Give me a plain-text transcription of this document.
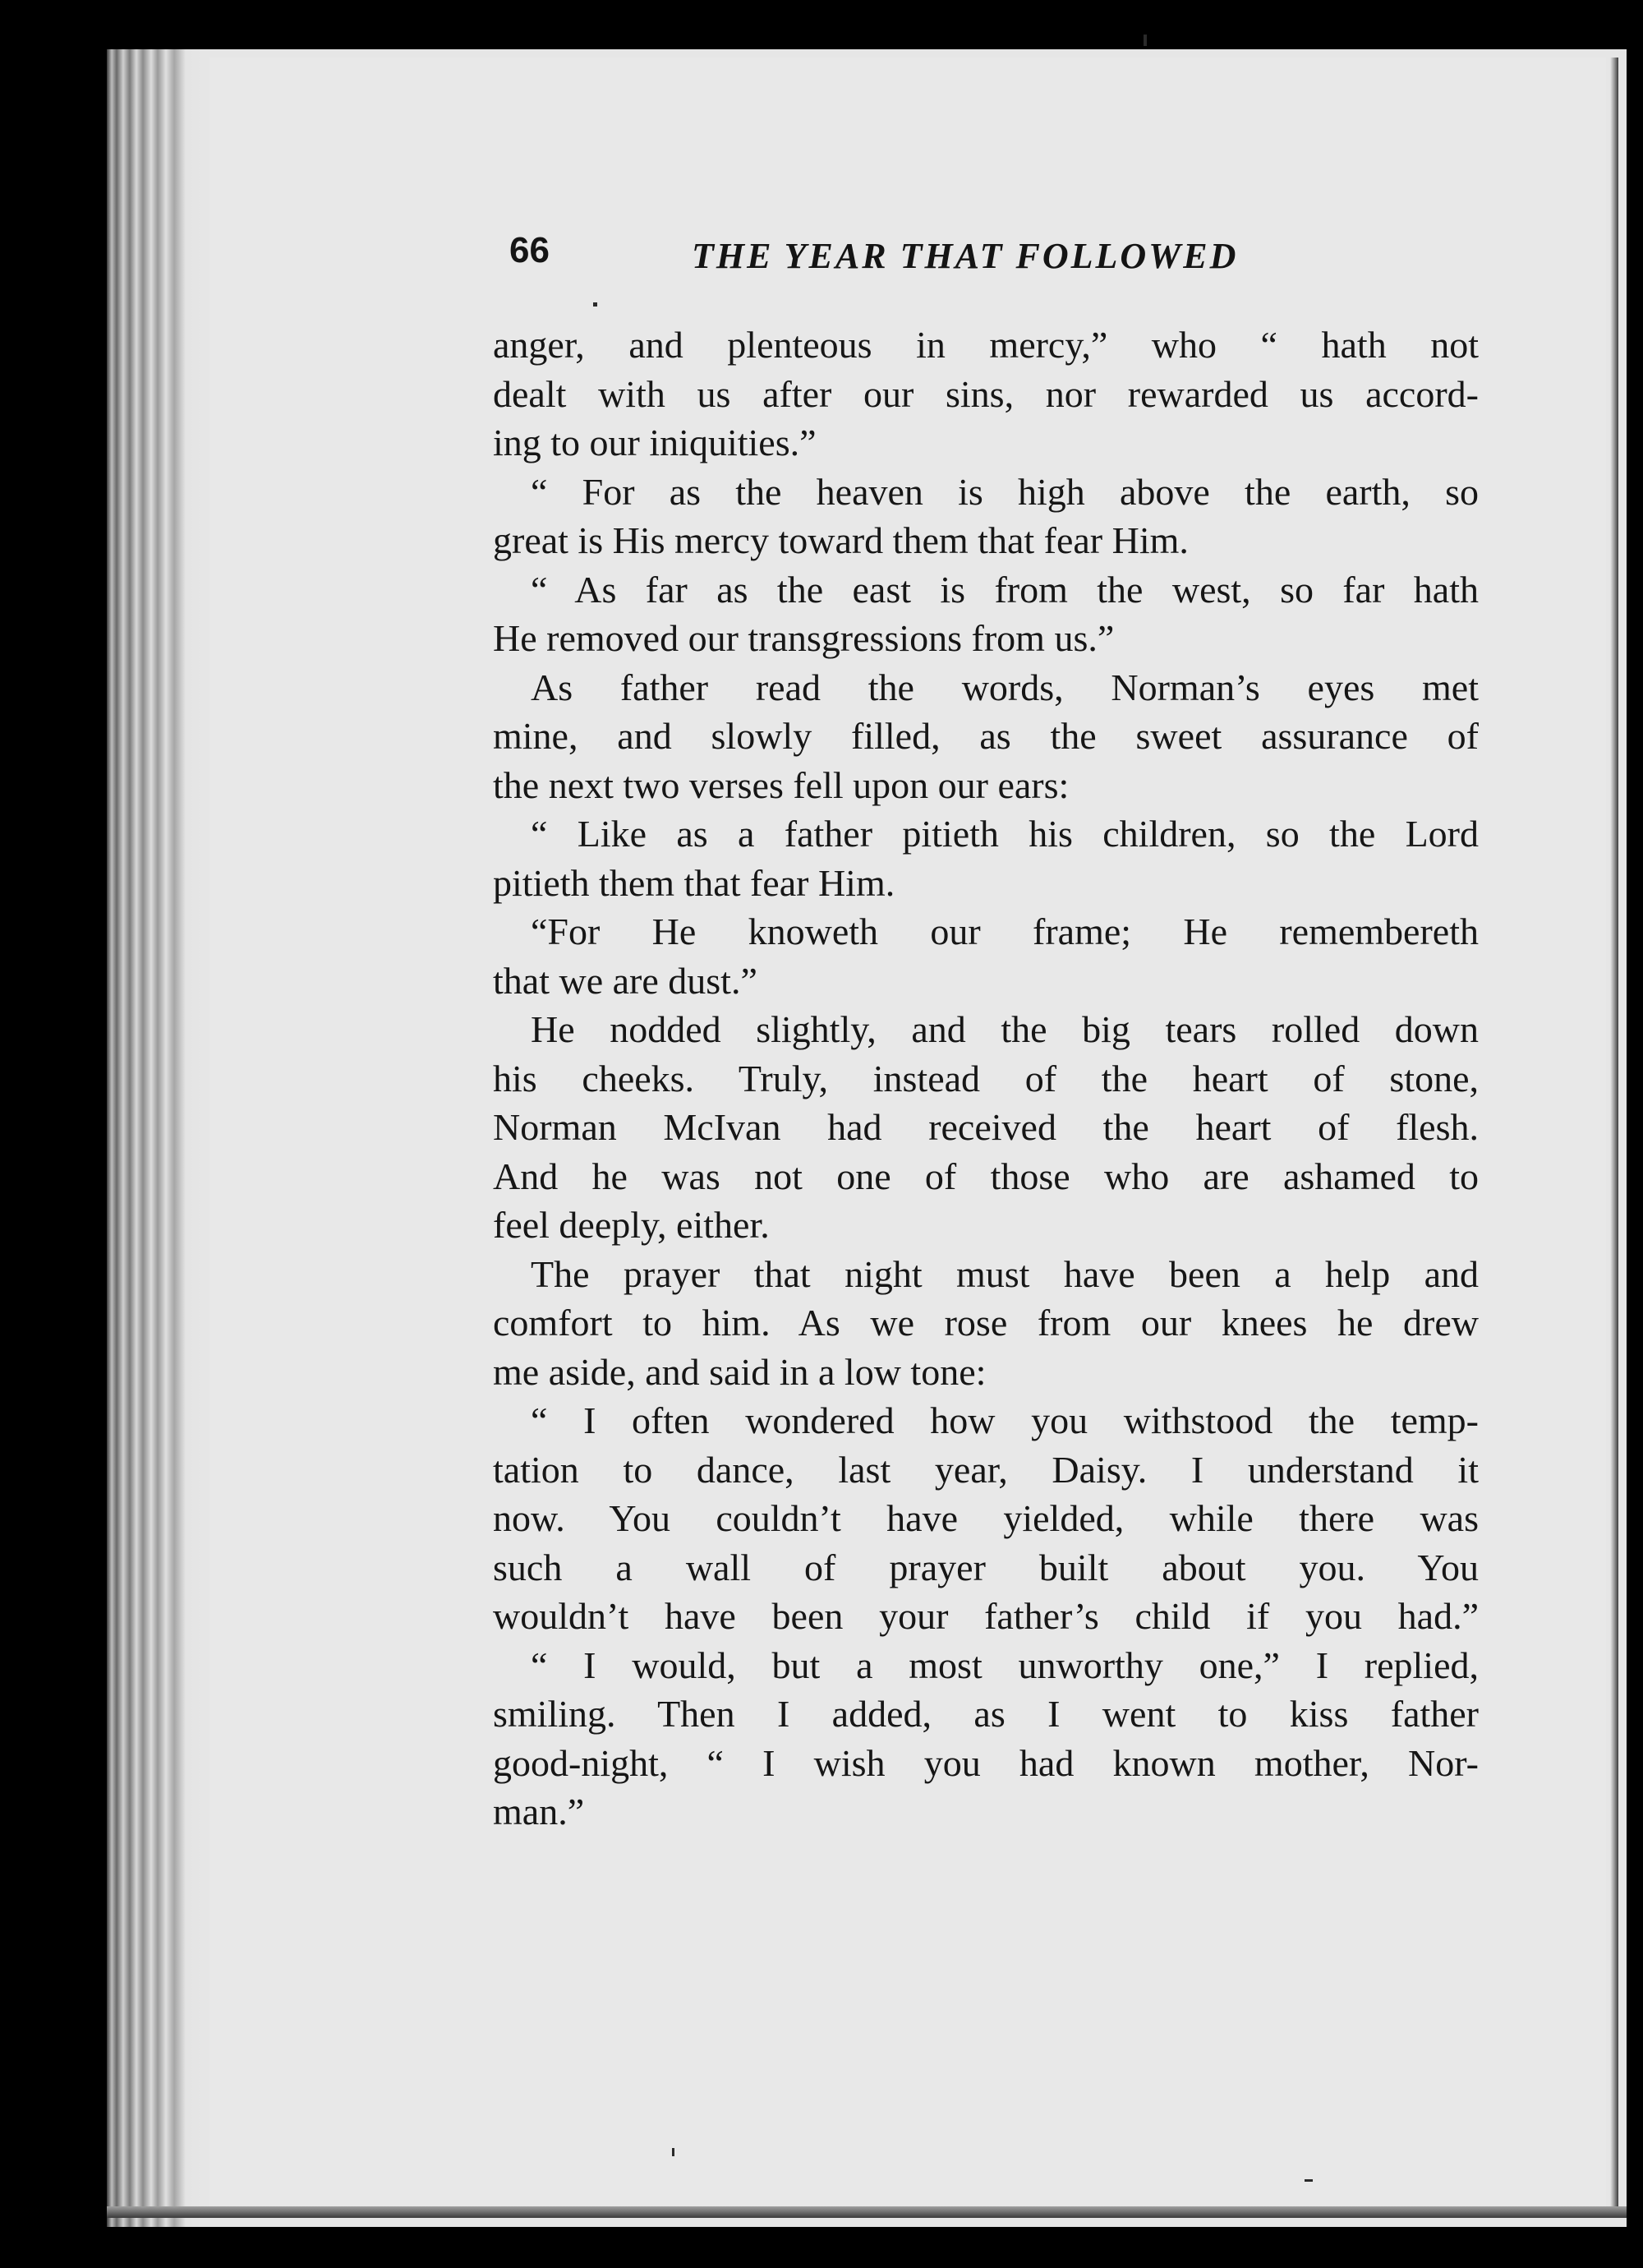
66	THE YEAR THAT FOLLOWED
anger, and plenteous in mercy,” who “ hath not
dealt with us after our sins, nor rewarded us accord-
ing to our iniquities.”
“ For as the heaven is high above the earth, so
great is His mercy toward them that fear Him.
“ As far as the east is from the west, so far hath
He removed our transgressions from us.”
As father read the words, Norman’s eyes met
mine, and slowly filled, as the sweet assurance of
the next two verses fell upon our ears:
“ Like as a father pitieth his children, so the Lord
pitieth them that fear Him.
“For He knoweth our frame; He remembereth
that we are dust.”
He nodded slightly, and the big tears rolled down
his cheeks. Truly, instead of the heart of stone,
Norman McIvan had received the heart of flesh.
And he was not one of those who are ashamed to
feel deeply, either.
The prayer that night must have been a help and
comfort to him. As we rose from our knees he drew
me aside, and said in a low tone:
“ I often wondered how you withstood the temp-
tation to dance, last year, Daisy. I understand it
now. You couldn’t have yielded, while there was
such a wall of prayer built about you. You
wouldn’t have been your father’s child if you had.”
“ I would, but a most unworthy one,” I replied,
smiling. Then I added, as I went to kiss father
good-night, “ I wish you had known mother, Nor-
man.”
